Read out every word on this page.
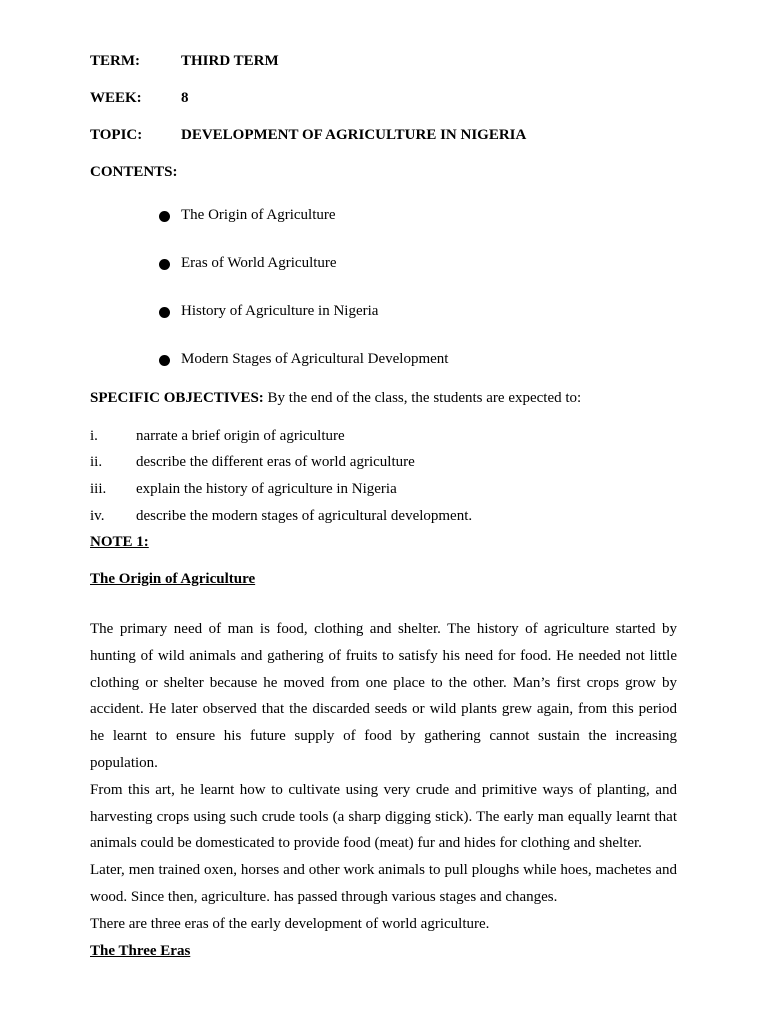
TERM:	THIRD TERM
WEEK:	8
TOPIC:	DEVELOPMENT OF AGRICULTURE IN NIGERIA
CONTENTS:
The Origin of Agriculture
Eras of World Agriculture
History of Agriculture in Nigeria
Modern Stages of Agricultural Development
SPECIFIC OBJECTIVES: By the end of the class, the students are expected to:
i.	narrate a brief origin of agriculture
ii. describe the different eras of world agriculture
iii. explain the history of agriculture in Nigeria
iv. describe the modern stages of agricultural development.
NOTE 1:
The Origin of Agriculture
The primary need of man is food, clothing and shelter. The history of agriculture started by hunting of wild animals and gathering of fruits to satisfy his need for food. He needed not little clothing or shelter because he moved from one place to the other. Man’s first crops grow by accident. He later observed that the discarded seeds or wild plants grew again, from this period he learnt to ensure his future supply of food by gathering cannot sustain the increasing population.
From this art, he learnt how to cultivate using very crude and primitive ways of planting, and harvesting crops using such crude tools (a sharp digging stick). The early man equally learnt that animals could be domesticated to provide food (meat) fur and hides for clothing and shelter.
Later, men trained oxen, horses and other work animals to pull ploughs while hoes, machetes and wood. Since then, agriculture. has passed through various stages and changes.
There are three eras of the early development of world agriculture.
The Three Eras
